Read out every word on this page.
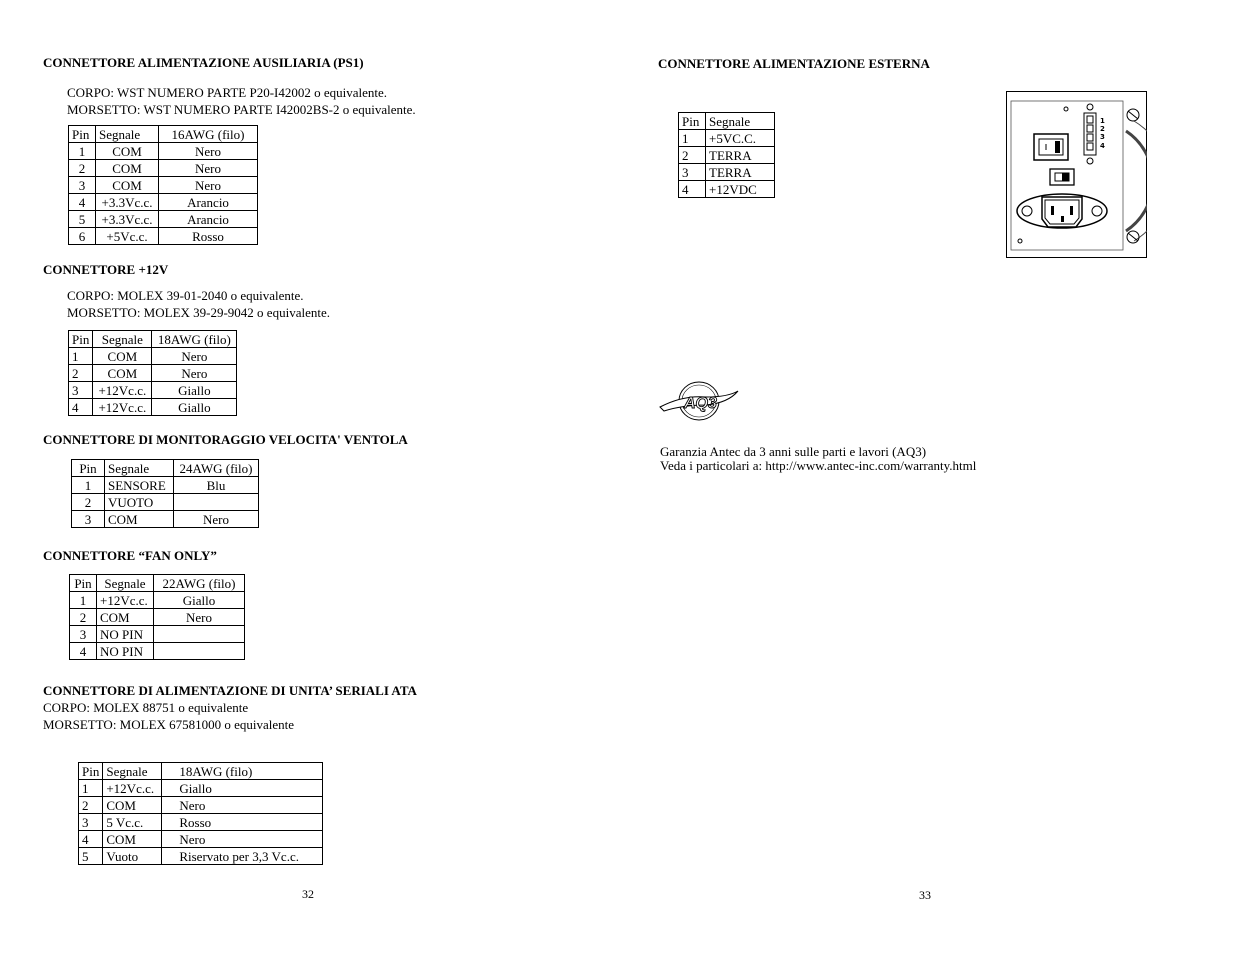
CONNETTORE ALIMENTAZIONE AUSILIARIA (PS1)
CORPO: WST NUMERO PARTE P20-I42002 o equivalente.
MORSETTO: WST NUMERO PARTE I42002BS-2 o equivalente.
Pin	Segnale	16AWG (filo)
1	COM	Nero
2	COM	Nero
3	COM	Nero
4	+3.3Vc.c.	Arancio
5	+3.3Vc.c.	Arancio
6	+5Vc.c.	Rosso
CONNETTORE +12V
CORPO: MOLEX 39-01-2040 o equivalente.
MORSETTO: MOLEX 39-29-9042 o equivalente.
Pin	Segnale	18AWG (filo)
1	COM	Nero
2	COM	Nero
3	+12Vc.c.	Giallo
4	+12Vc.c.	Giallo
CONNETTORE DI MONITORAGGIO VELOCITA' VENTOLA
Pin	Segnale	24AWG (filo)
1	SENSORE	Blu
2	VUOTO	
3	COM	Nero
CONNETTORE “FAN ONLY”
Pin	Segnale	22AWG (filo)
1	+12Vc.c.	Giallo
2	COM	Nero
3	NO PIN	
4	NO PIN	
CONNETTORE DI ALIMENTAZIONE DI UNITA’ SERIALI ATA
CORPO: MOLEX 88751 o equivalente
MORSETTO: MOLEX 67581000 o equivalente
Pin	Segnale	18AWG (filo)
1	+12Vc.c.	Giallo
2	COM	Nero
3	5 Vc.c.	Rosso
4	COM	Nero
5	Vuoto	Riservato per 3,3 Vc.c.
32
CONNETTORE ALIMENTAZIONE ESTERNA
Pin	Segnale
1	+5VC.C.
2	TERRA
3	TERRA
4	+12VDC
1
2
3
4
AQ3
Garanzia Antec da 3 anni sulle parti e lavori (AQ3)
Veda i particolari a: http://www.antec-inc.com/warranty.html
33
